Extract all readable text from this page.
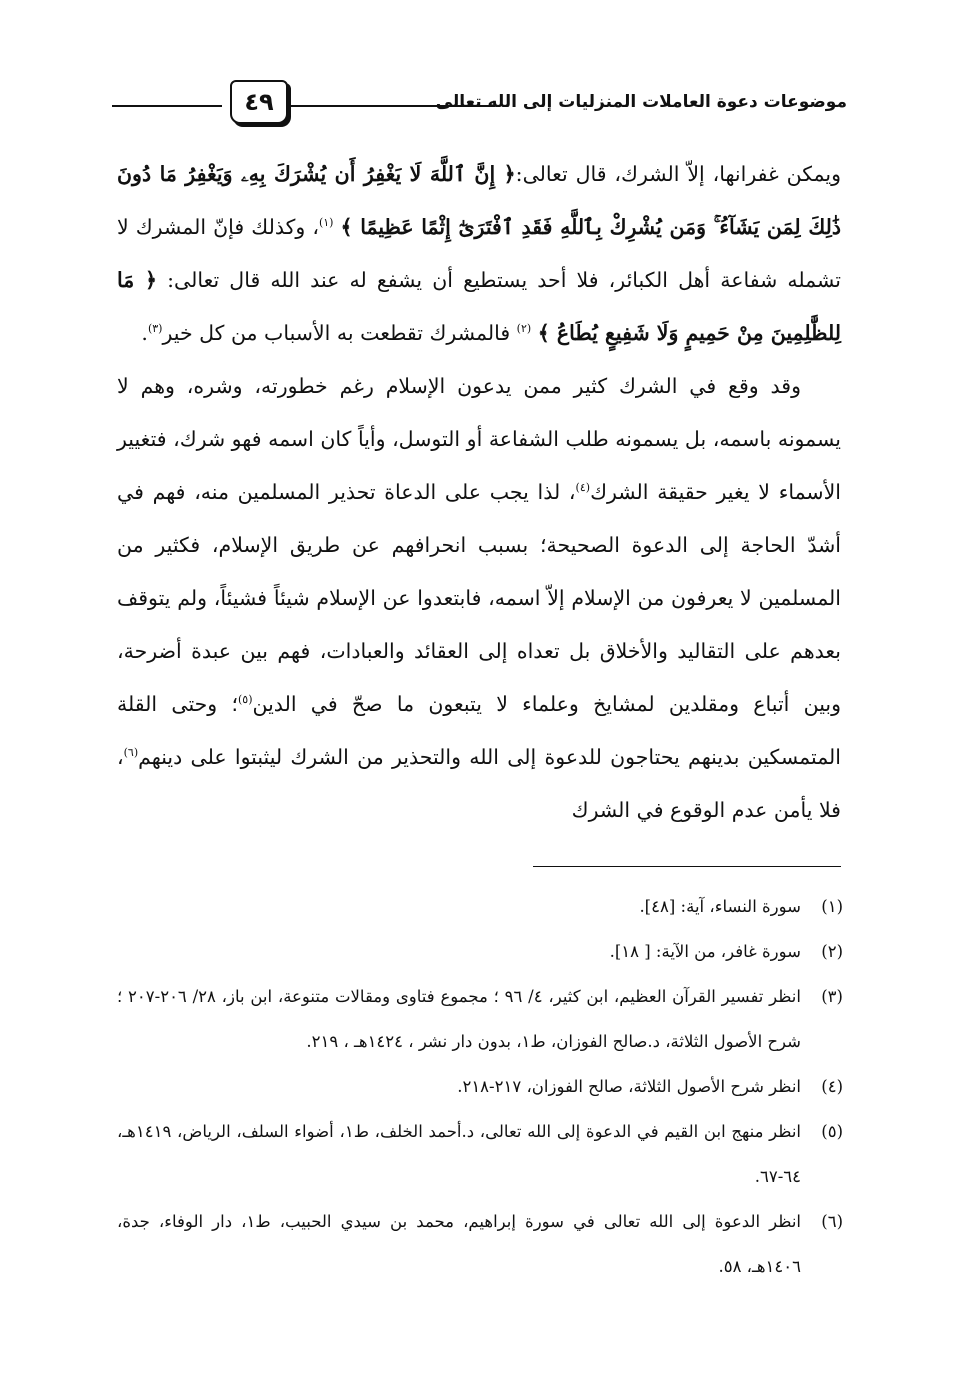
موضوعات دعوة العاملات المنزليات إلى الله تعالى
٤٩

ويمكن غفرانها، إلاّ الشرك، قال تعالى:﴿ إِنَّ ٱللَّهَ لَا يَغْفِرُ أَن يُشْرَكَ بِهِۦ وَيَغْفِرُ مَا دُونَ ذَٰلِكَ لِمَن يَشَآءُ ۚ وَمَن يُشْرِكْ بِٱللَّهِ فَقَدِ ٱفْتَرَىٰٓ إِثْمًا عَظِيمًا ﴾ $^{(١)}$، وكذلك فإنّ المشرك لا تشمله شفاعة أهل الكبائر، فلا أحد يستطيع أن يشفع له عند الله قال تعالى: ﴿ مَا لِلظَّٰلِمِينَ مِنْ حَمِيمٍ وَلَا شَفِيعٍ يُطَاعُ ﴾ $^{(٢)}$ فالمشرك تقطعت به الأسباب من كل خير$^{(٣)}$.

وقد وقع في الشرك كثير ممن يدعون الإسلام رغم خطورته، وشره، وهم لا يسمونه باسمه، بل يسمونه طلب الشفاعة أو التوسل، وأياً كان اسمه فهو شرك، فتغيير الأسماء لا يغير حقيقة الشرك$^{(٤)}$، لذا يجب على الدعاة تحذير المسلمين منه، فهم في أشدّ الحاجة إلى الدعوة الصحيحة؛ بسبب انحرافهم عن طريق الإسلام، فكثير من المسلمين لا يعرفون من الإسلام إلاّ اسمه، فابتعدوا عن الإسلام شيئاً فشيئاً، ولم يتوقف بعدهم على التقاليد والأخلاق بل تعداه إلى العقائد والعبادات، فهم بين عبدة أضرحة، وبين أتباع ومقلدين لمشايخ وعلماء لا يتبعون ما صحّ في الدين$^{(٥)}$؛ وحتى القلة المتمسكين بدينهم يحتاجون للدعوة إلى الله والتحذير من الشرك ليثبتوا على دينهم$^{(٦)}$، فلا يأمن عدم الوقوع في الشرك

(١)سورة النساء، آية: [٤٨].

(٢)سورة غافر، من الآية: [ ١٨].

(٣)انظر تفسير القرآن العظيم، ابن كثير، ٤/ ٩٦ ؛ مجموع فتاوى ومقالات متنوعة، ابن باز، ٢٨/ ٢٠٦-٢٠٧ ؛ شرح الأصول الثلاثة، د.صالح الفوزان، ط١، بدون دار نشر ، ١٤٢٤هـ ، ٢١٩.

(٤)انظر شرح الأصول الثلاثة، صالح الفوزان، ٢١٧-٢١٨.

(٥)انظر منهج ابن القيم في الدعوة إلى الله تعالى، د.أحمد الخلف، ط١، أضواء السلف، الرياض، ١٤١٩هـ، ٦٤-٦٧.

(٦)انظر الدعوة إلى الله تعالى في سورة إبراهيم، محمد بن سيدي الحبيب، ط١، دار الوفاء، جدة، ١٤٠٦هـ، ٥٨.
